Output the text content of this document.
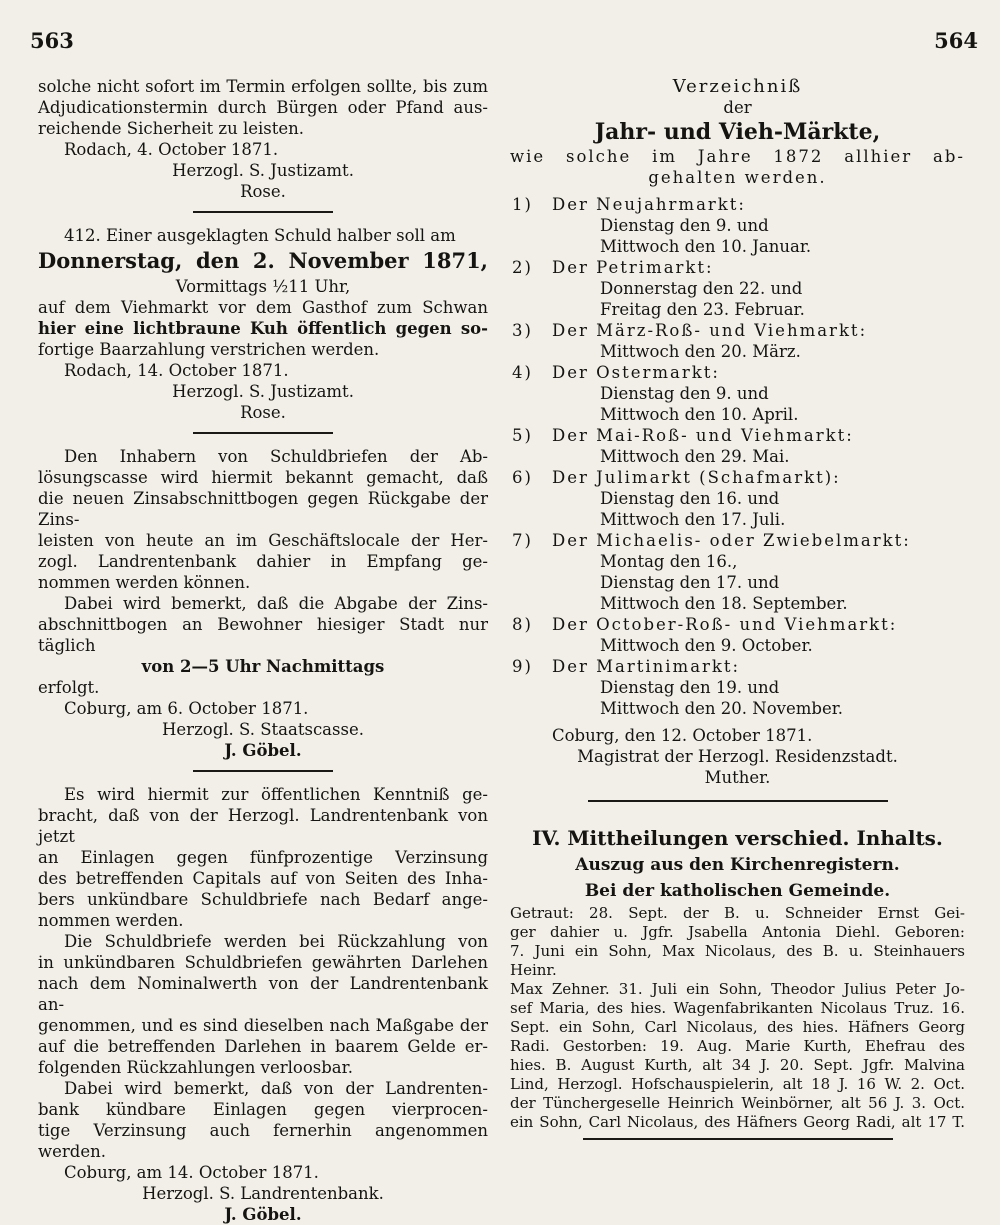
563	564
solche nicht sofort im Termin erfolgen sollte, bis zum
Adjudicationstermin durch Bürgen oder Pfand aus-
reichende Sicherheit zu leisten.
Rodach, 4. October 1871.
Herzogl. S. Justizamt.
Rose.
412. Einer ausgeklagten Schuld halber soll am
Donnerstag, den 2. November 1871,
Vormittags ½11 Uhr,
auf dem Viehmarkt vor dem Gasthof zum Schwan
hier eine lichtbraune Kuh öffentlich gegen so-
fortige Baarzahlung verstrichen werden.
Rodach, 14. October 1871.
Herzogl. S. Justizamt.
Rose.
Den Inhabern von Schuldbriefen der Ab-
lösungscasse wird hiermit bekannt gemacht, daß
die neuen Zinsabschnittbogen gegen Rückgabe der Zins-
leisten von heute an im Geschäftslocale der Her-
zogl. Landrentenbank dahier in Empfang ge-
nommen werden können.
Dabei wird bemerkt, daß die Abgabe der Zins-
abschnittbogen an Bewohner hiesiger Stadt nur täglich
von 2—5 Uhr Nachmittags
erfolgt.
Coburg, am 6. October 1871.
Herzogl. S. Staatscasse.
J. Göbel.
Es wird hiermit zur öffentlichen Kenntniß ge-
bracht, daß von der Herzogl. Landrentenbank von jetzt
an Einlagen gegen fünfprozentige Verzinsung
des betreffenden Capitals auf von Seiten des Inha-
bers unkündbare Schuldbriefe nach Bedarf ange-
nommen werden.
Die Schuldbriefe werden bei Rückzahlung von
in unkündbaren Schuldbriefen gewährten Darlehen
nach dem Nominalwerth von der Landrentenbank an-
genommen, und es sind dieselben nach Maßgabe der
auf die betreffenden Darlehen in baarem Gelde er-
folgenden Rückzahlungen verloosbar.
Dabei wird bemerkt, daß von der Landrenten-
bank kündbare Einlagen gegen vierprocen-
tige Verzinsung auch fernerhin angenommen
werden.
Coburg, am 14. October 1871.
Herzogl. S. Landrentenbank.
J. Göbel.
Verzeichniß
der
Jahr- und Vieh-Märkte,
wie solche im Jahre 1872 allhier ab-
gehalten werden.
1) Der Neujahrmarkt:
Dienstag den 9. und
Mittwoch den 10. Januar.
2) Der Petrimarkt:
Donnerstag den 22. und
Freitag den 23. Februar.
3) Der März-Roß- und Viehmarkt:
Mittwoch den 20. März.
4) Der Ostermarkt:
Dienstag den 9. und
Mittwoch den 10. April.
5) Der Mai-Roß- und Viehmarkt:
Mittwoch den 29. Mai.
6) Der Julimarkt (Schafmarkt):
Dienstag den 16. und
Mittwoch den 17. Juli.
7) Der Michaelis- oder Zwiebelmarkt:
Montag den 16.,
Dienstag den 17. und
Mittwoch den 18. September.
8) Der October-Roß- und Viehmarkt:
Mittwoch den 9. October.
9) Der Martinimarkt:
Dienstag den 19. und
Mittwoch den 20. November.
Coburg, den 12. October 1871.
Magistrat der Herzogl. Residenzstadt.
Muther.
IV. Mittheilungen verschied. Inhalts.
Auszug aus den Kirchenregistern.
Bei der katholischen Gemeinde.
Getraut: 28. Sept. der B. u. Schneider Ernst Gei-
ger dahier u. Jgfr. Jsabella Antonia Diehl. Geboren:
7. Juni ein Sohn, Max Nicolaus, des B. u. Steinhauers Heinr.
Max Zehner. 31. Juli ein Sohn, Theodor Julius Peter Jo-
sef Maria, des hies. Wagenfabrikanten Nicolaus Truz. 16.
Sept. ein Sohn, Carl Nicolaus, des hies. Häfners Georg
Radi. Gestorben: 19. Aug. Marie Kurth, Ehefrau des
hies. B. August Kurth, alt 34 J. 20. Sept. Jgfr. Malvina
Lind, Herzogl. Hofschauspielerin, alt 18 J. 16 W. 2. Oct.
der Tünchergeselle Heinrich Weinbörner, alt 56 J. 3. Oct.
ein Sohn, Carl Nicolaus, des Häfners Georg Radi, alt 17 T.
